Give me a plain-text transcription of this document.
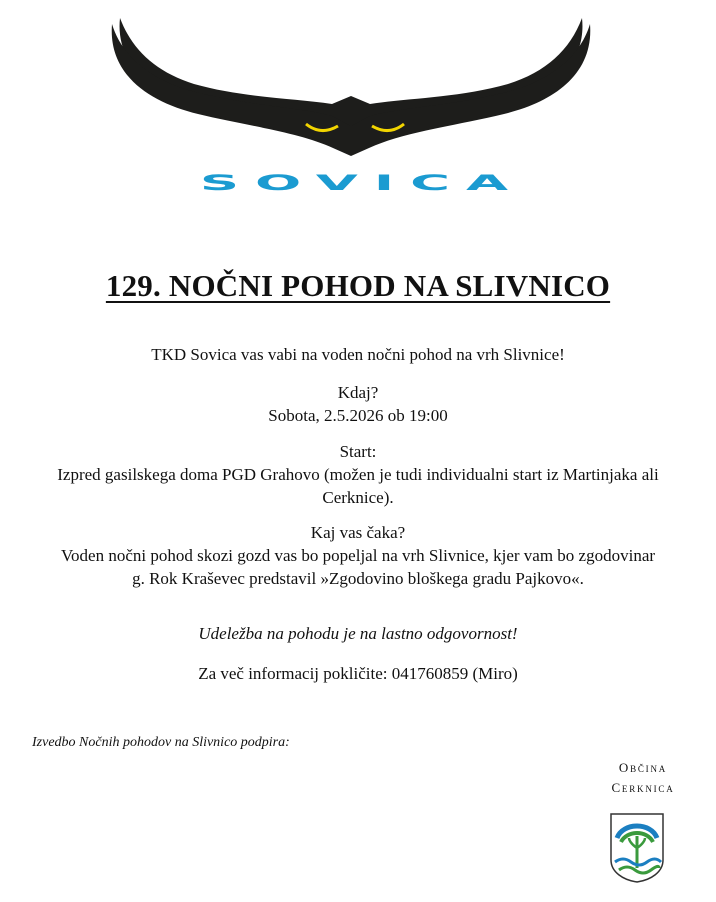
SOVICA
129. NOČNI POHOD NA SLIVNICO

TKD Sovica vas vabi na voden nočni pohod na vrh Slivnice!

Kdaj?
Sobota, 2.5.2026 ob 19:00

Start:
Izpred gasilskega doma PGD Grahovo (možen je tudi individualni start iz Martinjaka ali
Cerknice).

Kaj vas čaka?
Voden nočni pohod skozi gozd vas bo popeljal na vrh Slivnice, kjer vam bo zgodovinar
g. Rok Kraševec predstavil »Zgodovino bloškega gradu Pajkovo«.

Udeležba na pohodu je na lastno odgovornost!

Za več informacij pokličite: 041760859 (Miro)

Izvedbo Nočnih pohodov na Slivnico podpira:
Občina
Cerknica
